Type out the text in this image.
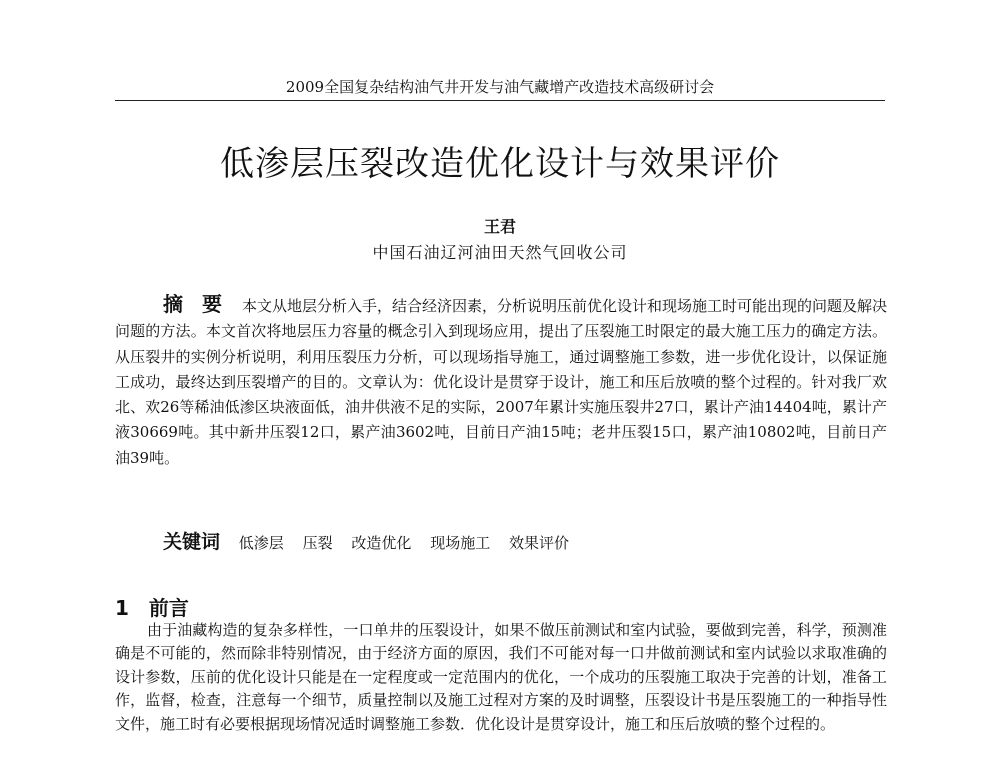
2009全国复杂结构油气井开发与油气藏增产改造技术高级研讨会
低渗层压裂改造优化设计与效果评价
王君
中国石油辽河油田天然气回收公司
摘 要 本文从地层分析入手，结合经济因素，分析说明压前优化设计和现场施工时可能出现的问题及解决问题的方法。本文首次将地层压力容量的概念引入到现场应用，提出了压裂施工时限定的最大施工压力的确定方法。从压裂井的实例分析说明，利用压裂压力分析，可以现场指导施工，通过调整施工参数，进一步优化设计，以保证施工成功，最终达到压裂增产的目的。文章认为：优化设计是贯穿于设计，施工和压后放喷的整个过程的。针对我厂欢北、欢26等稀油低渗区块液面低，油井供液不足的实际，2007年累计实施压裂井27口，累计产油14404吨，累计产液30669吨。其中新井压裂12口，累产油3602吨，目前日产油15吨；老井压裂15口，累产油10802吨，目前日产油39吨。
关键词 低渗层 压裂 改造优化 现场施工 效果评价
1 前言
由于油藏构造的复杂多样性，一口单井的压裂设计，如果不做压前测试和室内试验，要做到完善，科学，预测准确是不可能的，然而除非特别情况，由于经济方面的原因，我们不可能对每一口井做前测试和室内试验以求取准确的设计参数，压前的优化设计只能是在一定程度或一定范围内的优化，一个成功的压裂施工取决于完善的计划，准备工作，监督，检查，注意每一个细节，质量控制以及施工过程对方案的及时调整，压裂设计书是压裂施工的一种指导性文件，施工时有必要根据现场情况适时调整施工参数．优化设计是贯穿设计，施工和压后放喷的整个过程的。
